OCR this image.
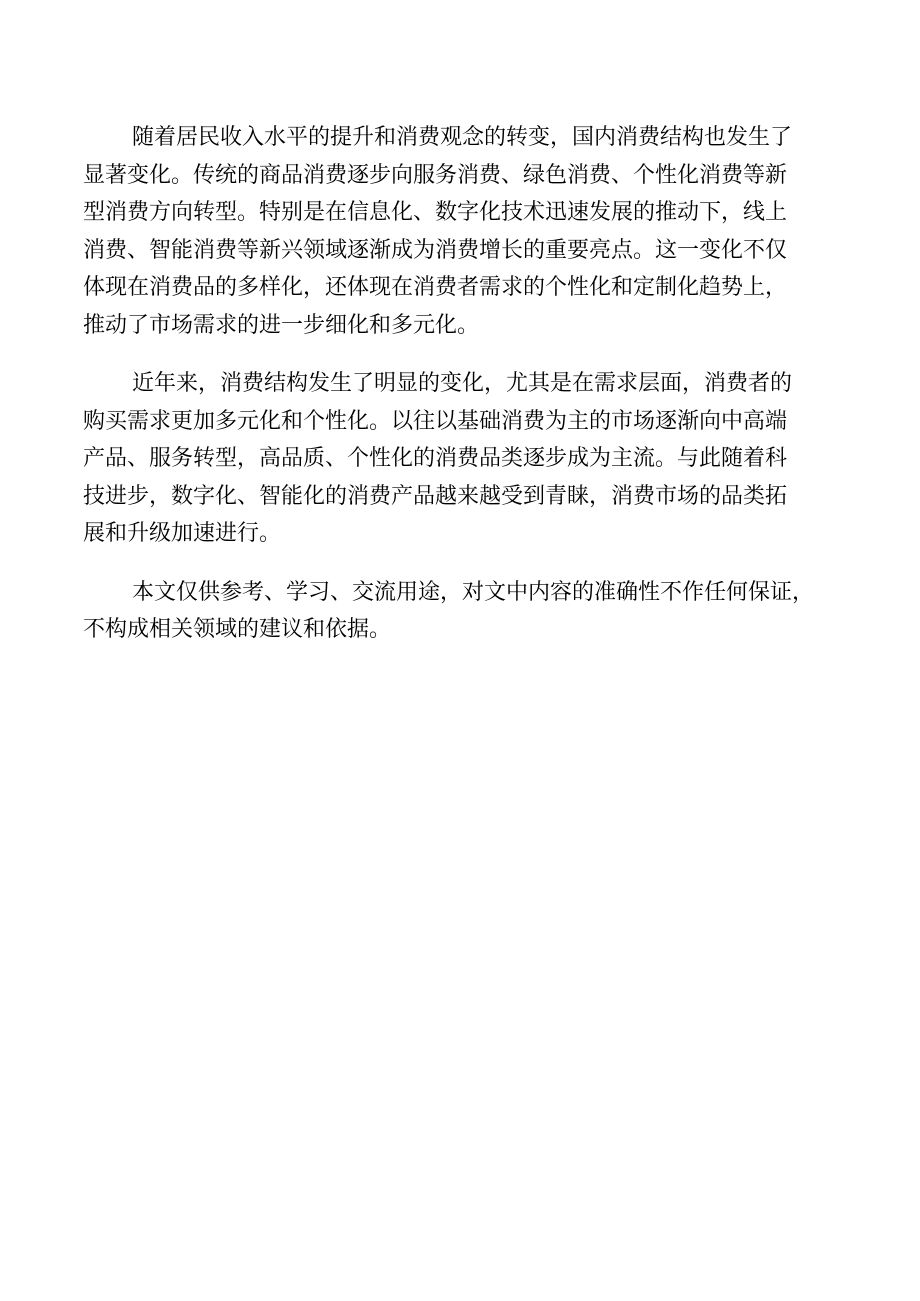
随着居民收入水平的提升和消费观念的转变，国内消费结构也发生了
显著变化。传统的商品消费逐步向服务消费、绿色消费、个性化消费等新
型消费方向转型。特别是在信息化、数字化技术迅速发展的推动下，线上
消费、智能消费等新兴领域逐渐成为消费增长的重要亮点。这一变化不仅
体现在消费品的多样化，还体现在消费者需求的个性化和定制化趋势上，
推动了市场需求的进一步细化和多元化。

近年来，消费结构发生了明显的变化，尤其是在需求层面，消费者的
购买需求更加多元化和个性化。以往以基础消费为主的市场逐渐向中高端
产品、服务转型，高品质、个性化的消费品类逐步成为主流。与此随着科
技进步，数字化、智能化的消费产品越来越受到青睐，消费市场的品类拓
展和升级加速进行。

本文仅供参考、学习、交流用途，对文中内容的准确性不作任何保证，
不构成相关领域的建议和依据。
